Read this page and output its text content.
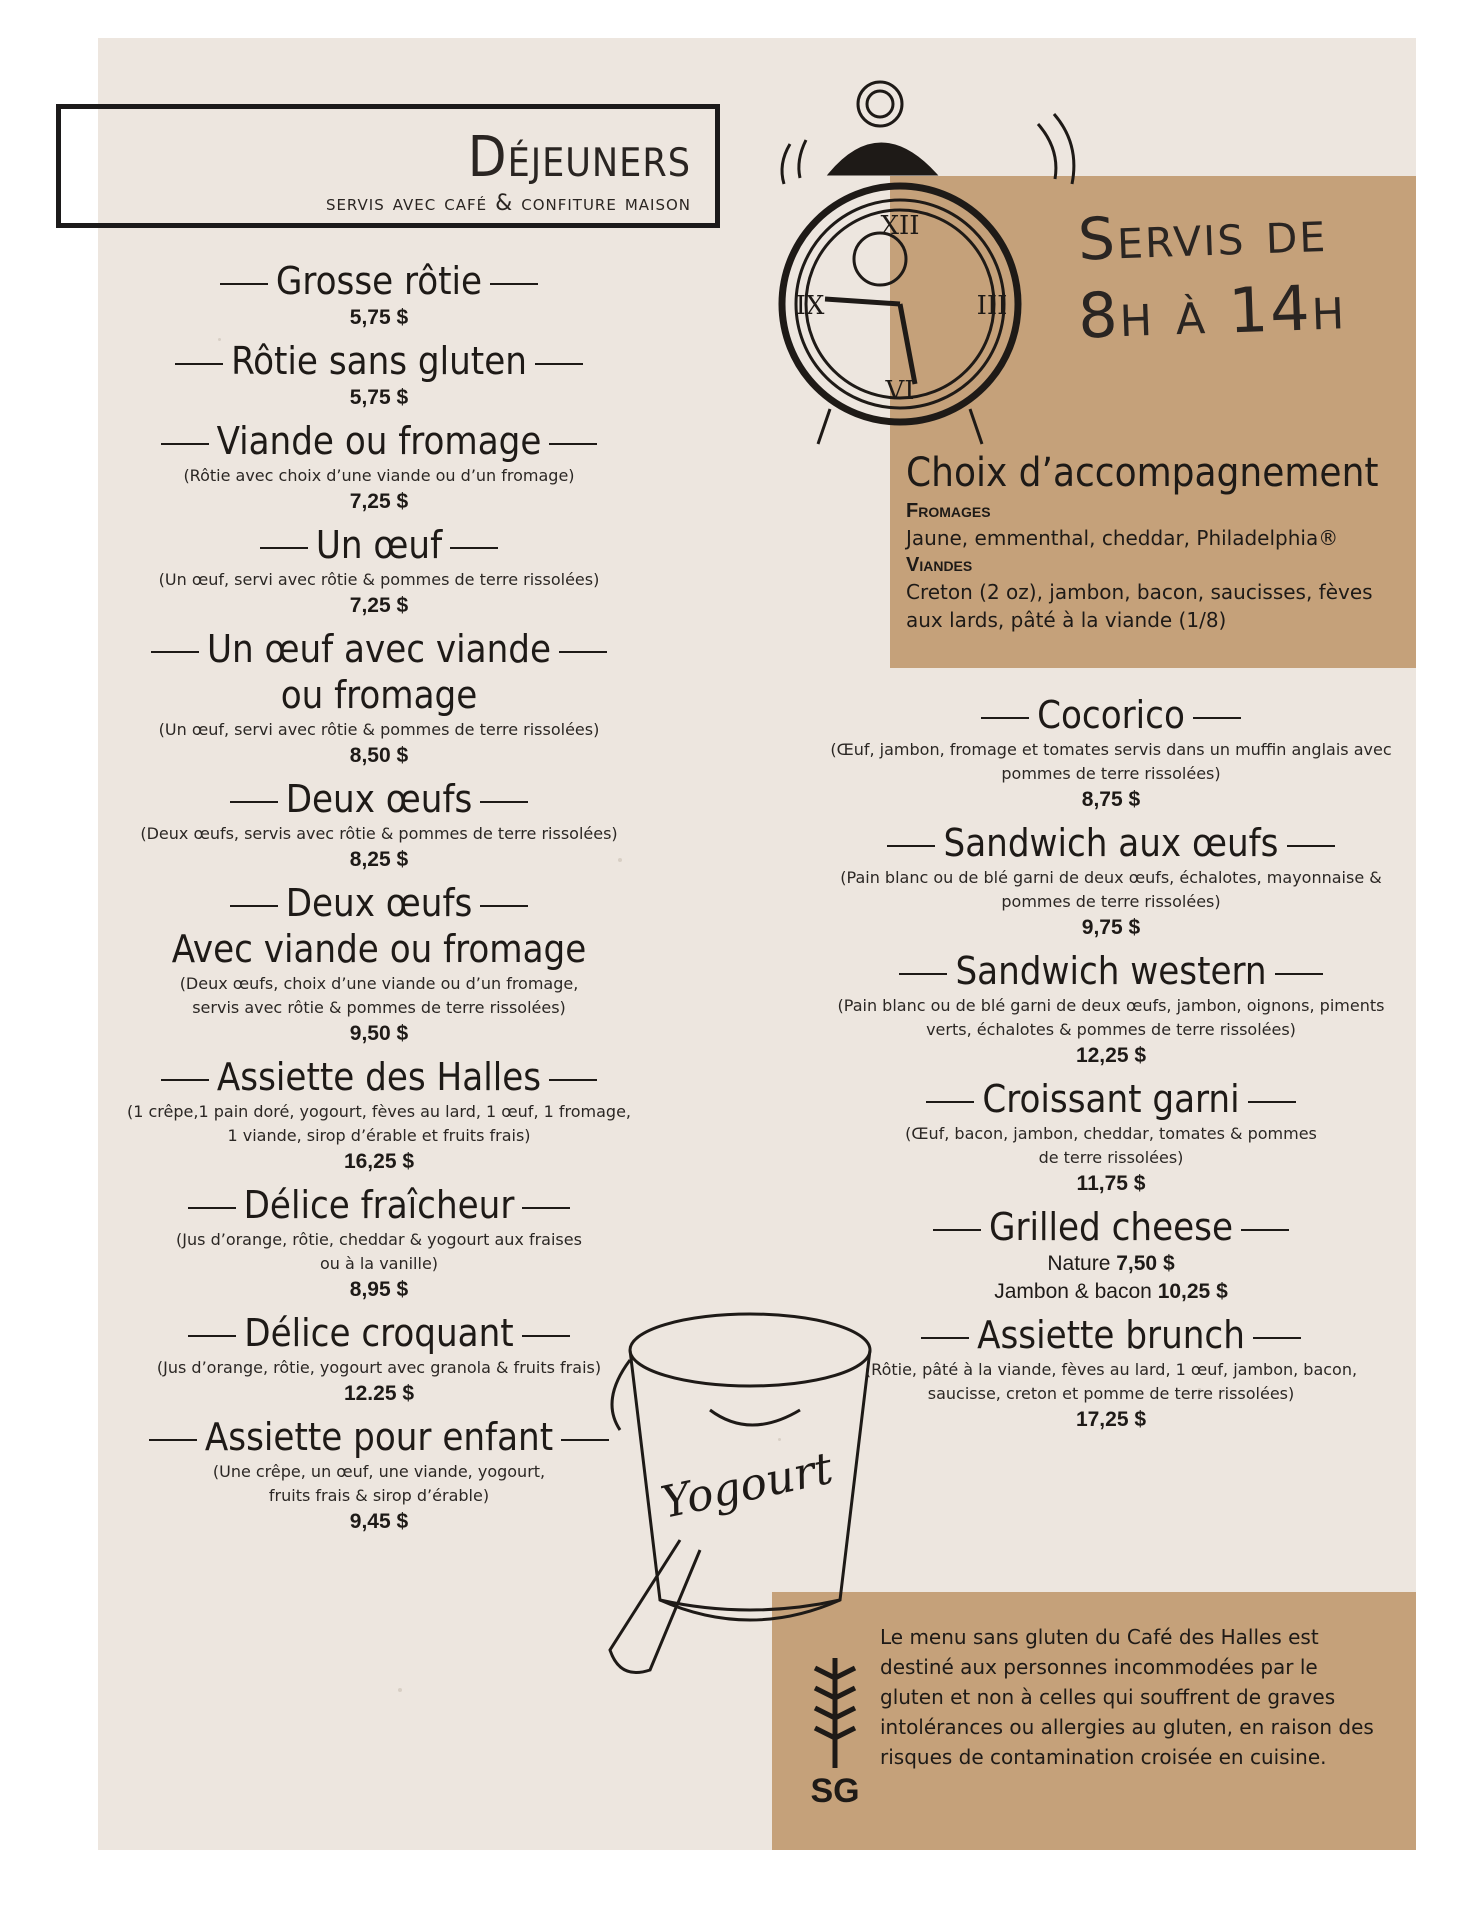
Déjeuners
servis avec café & confiture maison
XII
III
VI
IX
Servis de
8h à 14h
Choix d’accompagnement
Fromages
Jaune, emmenthal, cheddar, Philadelphia®
Viandes
Creton (2 oz), jambon, bacon, saucisses, fèves aux lards, pâté à la viande (1/8)
Grosse rôtie
5,75 $
Rôtie sans gluten
5,75 $
Viande ou fromage
(Rôtie avec choix d’une viande ou d’un fromage)
7,25 $
Un œuf
(Un œuf, servi avec rôtie & pommes de terre rissolées)
7,25 $
Un œuf avec viande
ou fromage
(Un œuf, servi avec rôtie & pommes de terre rissolées)
8,50 $
Deux œufs
(Deux œufs, servis avec rôtie & pommes de terre rissolées)
8,25 $
Deux œufs
Avec viande ou fromage
(Deux œufs, choix d’une viande ou d’un fromage,
servis avec rôtie & pommes de terre rissolées)
9,50 $
Assiette des Halles
(1 crêpe,1 pain doré, yogourt, fèves au lard, 1 œuf, 1 fromage,
1 viande, sirop d’érable et fruits frais)
16,25 $
Délice fraîcheur
(Jus d’orange, rôtie, cheddar & yogourt aux fraises
ou à la vanille)
8,95 $
Délice croquant
(Jus d’orange, rôtie, yogourt avec granola & fruits frais)
12.25 $
Assiette pour enfant
(Une crêpe, un œuf, une viande, yogourt,
fruits frais & sirop d’érable)
9,45 $
Cocorico
(Œuf, jambon, fromage et tomates servis dans un muffin anglais avec
pommes de terre rissolées)
8,75 $
Sandwich aux œufs
(Pain blanc ou de blé garni de deux œufs, échalotes, mayonnaise &
pommes de terre rissolées)
9,75 $
Sandwich western
(Pain blanc ou de blé garni de deux œufs, jambon, oignons, piments
verts, échalotes & pommes de terre rissolées)
12,25 $
Croissant garni
(Œuf, bacon, jambon, cheddar, tomates & pommes
de terre rissolées)
11,75 $
Grilled cheese
Nature 7,50 $
Jambon & bacon 10,25 $
Assiette brunch
(Rôtie, pâté à la viande, fèves au lard, 1 œuf, jambon, bacon,
saucisse, creton et pomme de terre rissolées)
17,25 $
Yogourt
SG
Le menu sans gluten du Café des Halles est destiné aux personnes incommodées par le gluten et non à celles qui souffrent de graves intolérances ou allergies au gluten, en raison des risques de contamination croisée en cuisine.
